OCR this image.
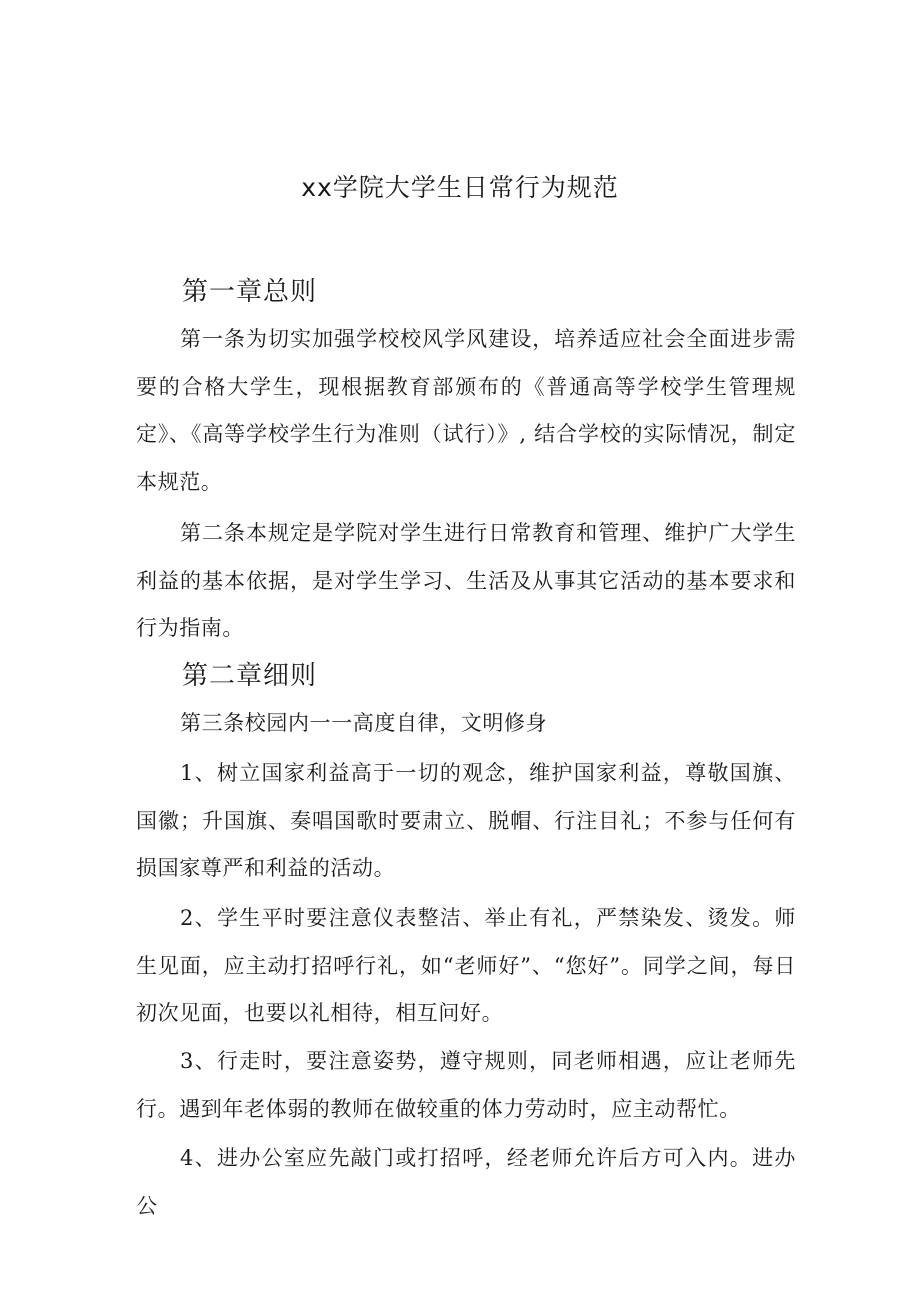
xx学院大学生日常行为规范
第一章总则

第一条为切实加强学校校风学风建设，培养适应社会全面进步需要的合格大学生，现根据教育部颁布的《普通高等学校学生管理规定》、《高等学校学生行为准则（试行）》, 结合学校的实际情况，制定本规范。

第二条本规定是学院对学生进行日常教育和管理、维护广大学生利益的基本依据，是对学生学习、生活及从事其它活动的基本要求和行为指南。

第二章细则

第三条校园内一一高度自律，文明修身

1、树立国家利益高于一切的观念，维护国家利益，尊敬国旗、国徽；升国旗、奏唱国歌时要肃立、脱帽、行注目礼；不参与任何有损国家尊严和利益的活动。

2、学生平时要注意仪表整洁、举止有礼，严禁染发、烫发。师生见面，应主动打招呼行礼，如“老师好”、“您好”。同学之间，每日初次见面，也要以礼相待，相互问好。

3、行走时，要注意姿势，遵守规则，同老师相遇，应让老师先行。遇到年老体弱的教师在做较重的体力劳动时，应主动帮忙。

4、进办公室应先敲门或打招呼，经老师允许后方可入内。进办公
